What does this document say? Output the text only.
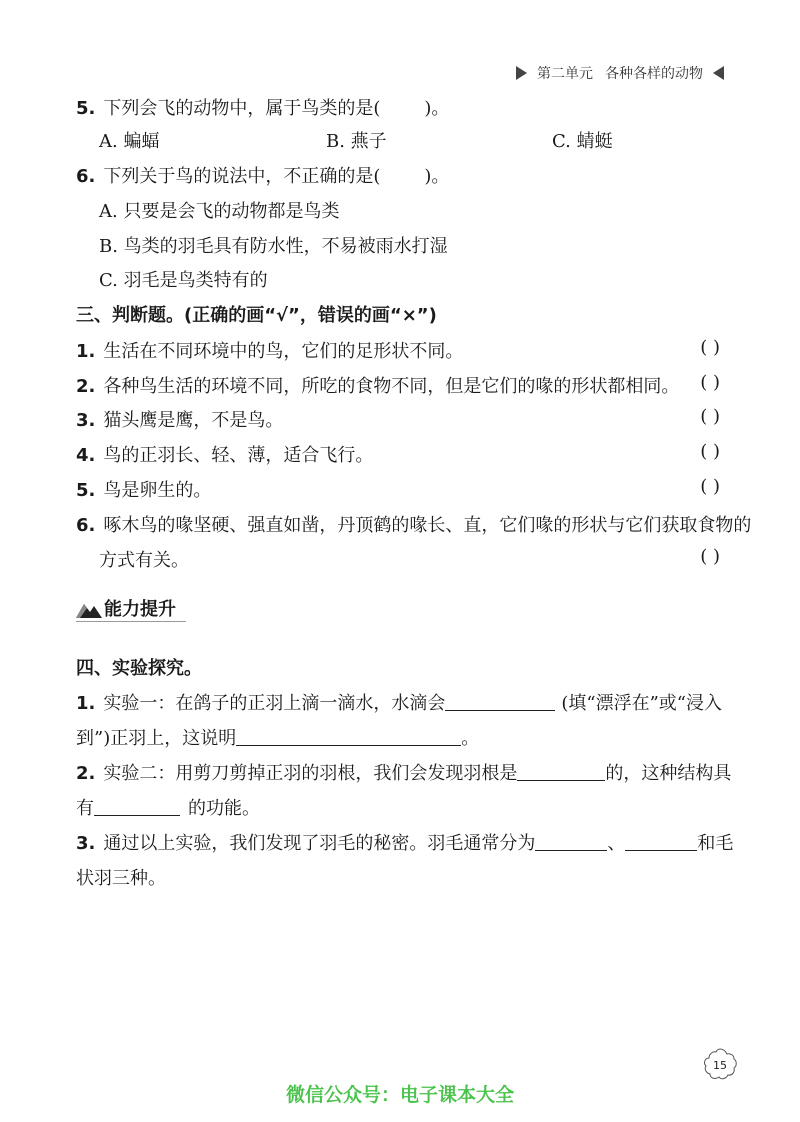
第二单元 各种各样的动物
5. 下列会飞的动物中，属于鸟类的是( )。
A. 蝙蝠	B. 燕子	C. 蜻蜓
6. 下列关于鸟的说法中，不正确的是( )。
A. 只要是会飞的动物都是鸟类
B. 鸟类的羽毛具有防水性，不易被雨水打湿
C. 羽毛是鸟类特有的
三、判断题。(正确的画“√”，错误的画“×”)
1. 生活在不同环境中的鸟，它们的足形状不同。	( )
2. 各种鸟生活的环境不同，所吃的食物不同，但是它们的喙的形状都相同。 ( )
3. 猫头鹰是鹰，不是鸟。	( )
4. 鸟的正羽长、轻、薄，适合飞行。	( )
5. 鸟是卵生的。	( )
6. 啄木鸟的喙坚硬、强直如凿，丹顶鹤的喙长、直，它们喙的形状与它们获取食物的
方式有关。	( )
能力提升
四、实验探究。
1. 实验一：在鸽子的正羽上滴一滴水，水滴会	(填“漂浮在”或“浸入
到”)正羽上，这说明	。
2. 实验二：用剪刀剪掉正羽的羽根，我们会发现羽根是	的，这种结构具
有	的功能。
3. 通过以上实验，我们发现了羽毛的秘密。羽毛通常分为	、	和毛
状羽三种。
15
微信公众号：电子课本大全
